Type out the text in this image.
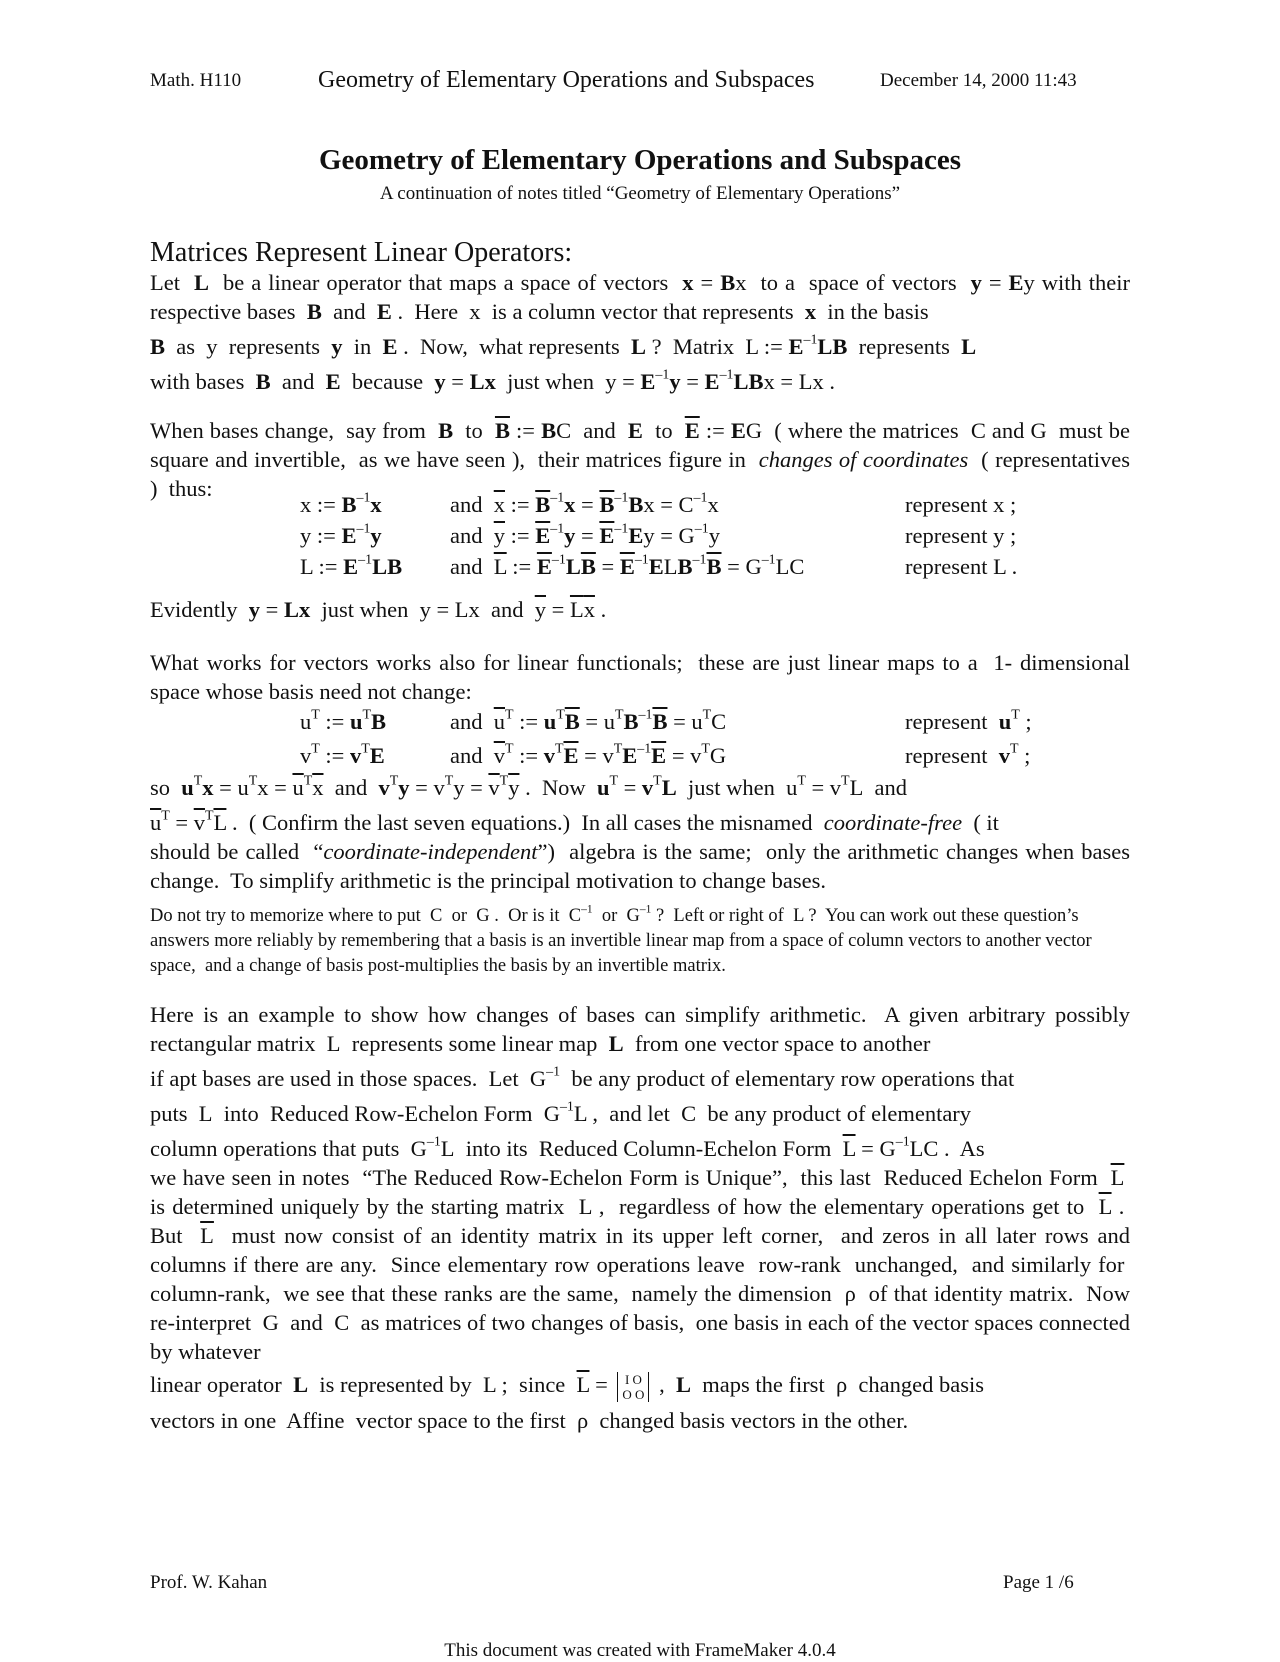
Math. H110	Geometry of Elementary Operations and Subspaces	December 14, 2000 11:43
Geometry of Elementary Operations and Subspaces
A continuation of notes titled “Geometry of Elementary Operations”
Matrices Represent Linear Operators:
Let  L  be a linear operator that maps a space of vectors  x = Bx  to a  space of vectors  y = Ey with their respective bases  B  and  E .  Here  x  is a column vector that represents  x  in the basis
B  as  y  represents  y  in  E .  Now,  what represents  L ?  Matrix  L := $E^{-1}LB$  represents  L
with bases  B  and  E  because  y = Lx  just when  $y = E^{-1}y = E^{-1}LBx = Lx$ .
When bases change,  say from  B  to  $\overline{B}$ := BC  and  E  to  $\overline{E}$ := EG  ( where the matrices  C and G  must be square and invertible,  as we have seen ),  their matrices figure in  changes of coordinates  ( representatives )  thus:
x := $B^{-1}x$	and $\overline{x}$ := $\overline{B}^{-1}x = \overline{B}^{-1}Bx = C^{-1}x$	represent x ;
y := $E^{-1}y$	and $\overline{y}$ := $\overline{E}^{-1}y = \overline{E}^{-1}Ey = G^{-1}y$	represent y ;
L := $E^{-1}LB$ and $\overline{L}$ := $\overline{E}^{-1}L\overline{B} = \overline{E}^{-1}ELB^{-1}\overline{B} = G^{-1}LC$	represent L .
Evidently  y = Lx  just when  y = Lx  and  $\overline{y} = \overline{L}\overline{x}$ .
What works for vectors works also for linear functionals;  these are just linear maps to a  1- dimensional space whose basis need not change:
$u^T$ := $u^TB$	and $\overline{u}^T$ := $u^T\overline{B} = u^TB^{-1}\overline{B} = u^TC$	represent $u^T$ ;
$v^T$ := $v^TE$	and $\overline{v}^T$ := $v^T\overline{E} = v^TE^{-1}\overline{E} = v^TG$	represent $v^T$ ;
so  $u^Tx = u^Tx = \overline{u}^T\overline{x}$  and  $v^Ty = v^Ty = \overline{v}^T\overline{y}$ .  Now  $u^T = v^TL$  just when  $u^T = v^TL$  and
$\overline{u}^T = \overline{v}^T\overline{L}$ .  ( Confirm the last seven equations.)  In all cases the misnamed  coordinate-free  ( it
should be called  “coordinate-independent”)  algebra is the same;  only the arithmetic changes when bases change.  To simplify arithmetic is the principal motivation to change bases.
Do not try to memorize where to put  C  or  G .  Or is it  $C^{-1}$  or  $G^{-1}$ ?  Left or right of  L ?  You can work out these question’s answers more reliably by remembering that a basis is an invertible linear map from a space of column vectors to another vector space,  and a change of basis post-multiplies the basis by an invertible matrix.
Here is an example to show how changes of bases can simplify arithmetic.  A given arbitrary possibly rectangular matrix  L  represents some linear map  L  from one vector space to another
if apt bases are used in those spaces.  Let  $G^{-1}$  be any product of elementary row operations that
puts  L  into  Reduced Row-Echelon Form  $G^{-1}L$ ,  and let  C  be any product of elementary
column operations that puts  $G^{-1}L$  into its  Reduced Column-Echelon Form  $\overline{L} = G^{-1}LC$ .  As
we have seen in notes  “The Reduced Row-Echelon Form is Unique”,  this last  Reduced Echelon Form  $\overline{L}$  is determined uniquely by the starting matrix  L ,  regardless of how the elementary operations get to  $\overline{L}$ .  But  $\overline{L}$  must now consist of an identity matrix in its upper left corner,  and zeros in all later rows and columns if there are any.  Since elementary row operations leave  row-rank  unchanged,  and similarly for  column-rank,  we see that these ranks are the same,  namely the dimension  ρ  of that identity matrix.  Now re-interpret  G  and  C  as matrices of two changes of basis,  one basis in each of the vector spaces connected by whatever
linear operator  L  is represented by  L ;  since  $\overline{L} = I$ O
O O ,  L  maps the first  ρ  changed basis
vectors in one  Affine  vector space to the first  ρ  changed basis vectors in the other.
Prof. W. Kahan	Page 1 /6
This document was created with FrameMaker 4.0.4
